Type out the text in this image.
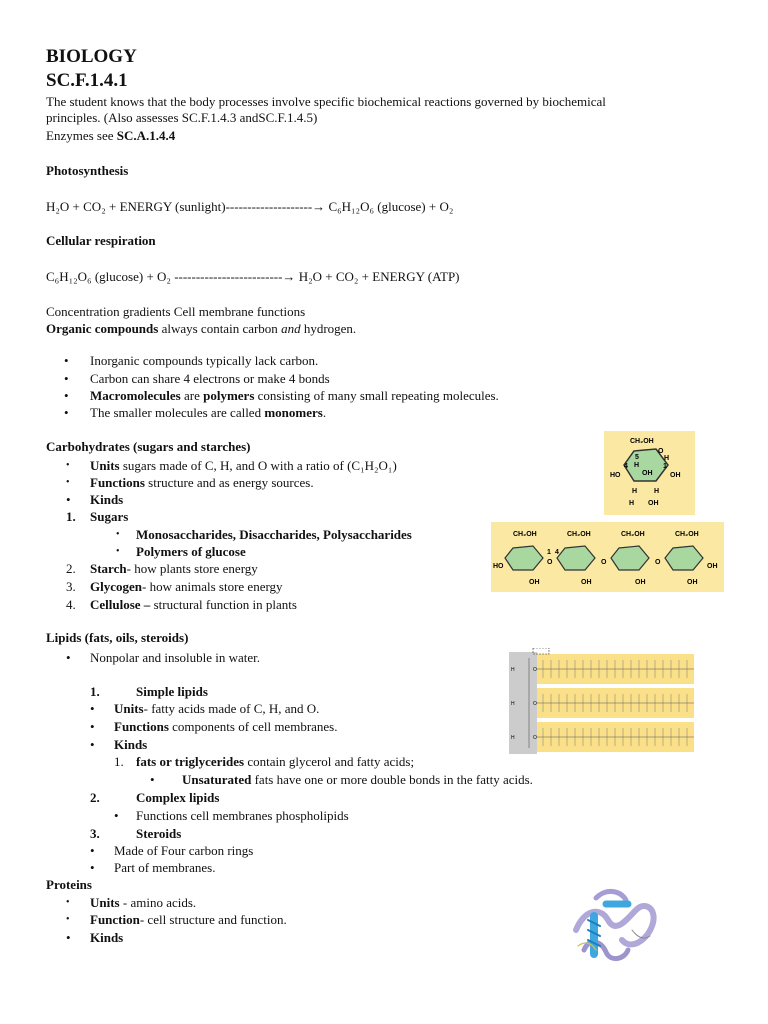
BIOLOGY
SC.F.1.4.1
The student knows that the body processes involve specific biochemical reactions governed by biochemical
principles. (Also assesses SC.F.1.4.3 andSC.F.1.4.5)
Enzymes see SC.A.1.4.4
Photosynthesis
H₂O + CO₂ + ENERGY (sunlight)--------------------→ C₆H₁₂O₆ (glucose) + O₂
Cellular respiration
C₆H₁₂O₆ (glucose) + O₂ -------------------------→ H₂O + CO₂ + ENERGY (ATP)
Concentration gradients Cell membrane functions
Organic compounds always contain carbon and hydrogen.
• Inorganic compounds typically lack carbon.
• Carbon can share 4 electrons or make 4 bonds
• Macromolecules are polymers consisting of many small repeating molecules.
• The smaller molecules are called monomers.
Carbohydrates (sugars and starches)
• Units sugars made of C, H, and O with a ratio of (C₁H₂O₁)
• Functions structure and as energy sources.
• Kinds
1. Sugars
• Monosaccharides, Disaccharides, Polysaccharides
• Polymers of glucose
2. Starch- how plants store energy
3. Glycogen- how animals store energy
4. Cellulose – structural function in plants
Lipids (fats, oils, steroids)
• Nonpolar and insoluble in water.
1.	Simple lipids
• Units- fatty acids made of C, H, and O.
• Functions components of cell membranes.
• Kinds
1. fats or triglycerides contain glycerol and fatty acids;
• Unsaturated fats have one or more double bonds in the fatty acids.
2.	Complex lipids
• Functions cell membranes phospholipids
3.	Steroids
• Made of Four carbon rings
• Part of membranes.
Proteins
• Units - amino acids.
• Function- cell structure and function.
• Kinds
CH₂OH
O
5
H
4	1
H
OH	OH
HO
H H
H OH
CH₂OH
HO
OH
O
CH₂OH
OH
O
CH₂OH
OH
O
CH₂OH
OH
OH
1 4
H
H
H
O
O
O
